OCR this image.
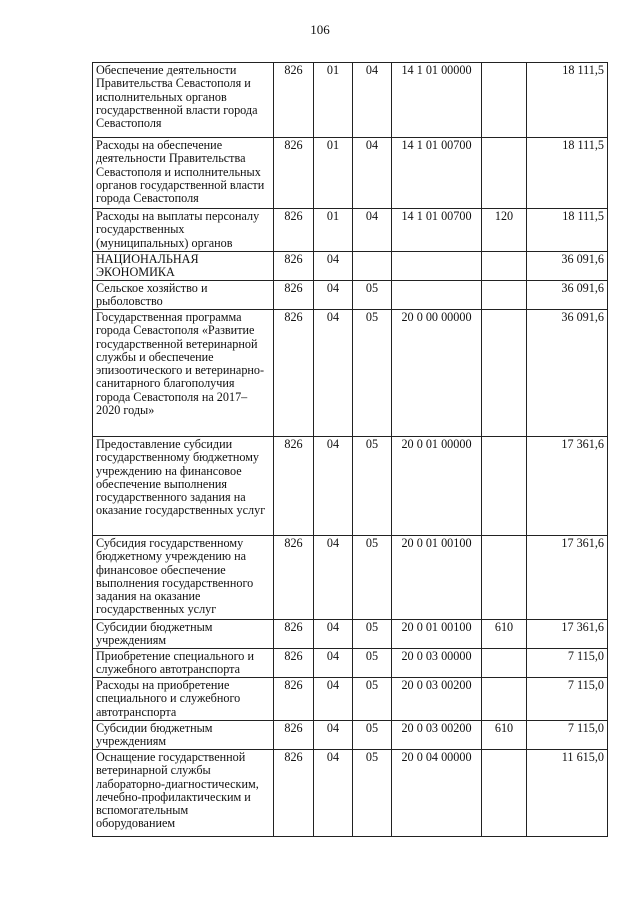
106
Обеспечение деятельности Правительства Севастополя и исполнительных органов государственной власти города Севастополя	826	01	04	14 1 01 00000		18 111,5
Расходы на обеспечение деятельности Правительства Севастополя и исполнительных органов государственной власти города Севастополя	826	01	04	14 1 01 00700		18 111,5
Расходы на выплаты персоналу государственных (муниципальных) органов	826	01	04	14 1 01 00700	120	18 111,5
НАЦИОНАЛЬНАЯ ЭКОНОМИКА	826	04				36 091,6
Сельское хозяйство и рыболовство	826	04	05			36 091,6
Государственная программа города Севастополя «Развитие государственной ветеринарной службы и обеспечение эпизоотического и ветеринарно-санитарного благополучия города Севастополя на 2017–2020 годы»	826	04	05	20 0 00 00000		36 091,6
Предоставление субсидии государственному бюджетному учреждению на финансовое обеспечение выполнения государственного задания на оказание государственных услуг	826	04	05	20 0 01 00000		17 361,6
Субсидия государственному бюджетному учреждению на финансовое обеспечение выполнения государственного задания на оказание государственных услуг	826	04	05	20 0 01 00100		17 361,6
Субсидии бюджетным учреждениям	826	04	05	20 0 01 00100	610	17 361,6
Приобретение специального и служебного автотранспорта	826	04	05	20 0 03 00000		7 115,0
Расходы на приобретение специального и служебного автотранспорта	826	04	05	20 0 03 00200		7 115,0
Субсидии бюджетным учреждениям	826	04	05	20 0 03 00200	610	7 115,0
Оснащение государственной ветеринарной службы лабораторно-диагностическим, лечебно-профилактическим и вспомогательным оборудованием	826	04	05	20 0 04 00000		11 615,0
